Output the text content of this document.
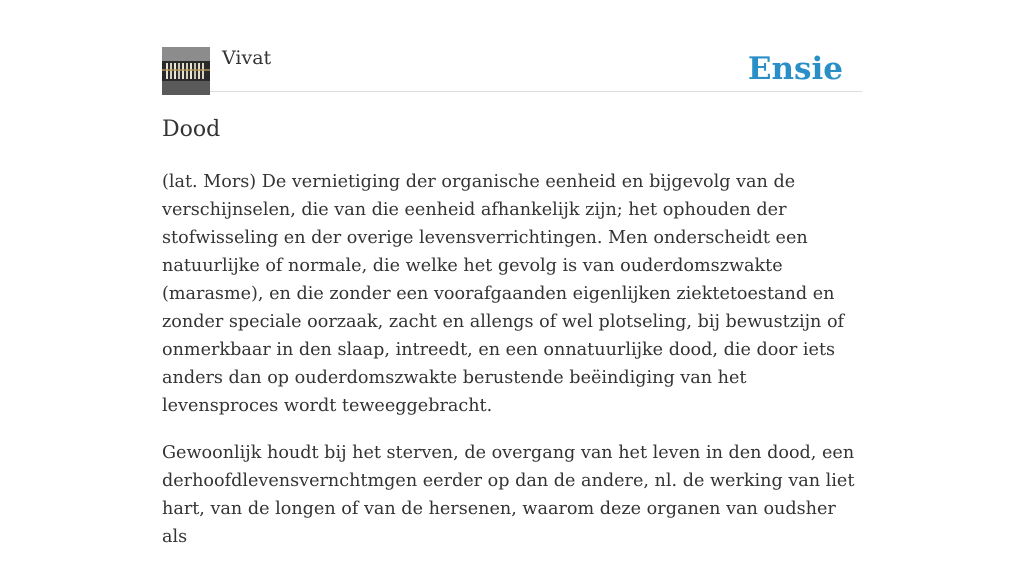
Vivat	Ensie
Dood

(lat. Mors) De vernietiging der organische eenheid en bijgevolg van de verschijnselen, die van die eenheid afhankelijk zijn; het ophouden der stofwisseling en der overige levensverrichtingen. Men onderscheidt een natuurlijke of normale, die welke het gevolg is van ouderdomszwakte (marasme), en die zonder een voorafgaanden eigenlijken ziektetoestand en zonder speciale oorzaak, zacht en allengs of wel plotseling, bij bewustzijn of onmerkbaar in den slaap, intreedt, en een onnatuurlijke dood, die door iets anders dan op ouderdomszwakte berustende beëindiging van het levensproces wordt teweeggebracht.

Gewoonlijk houdt bij het sterven, de overgang van het leven in den dood, een derhoofdlevensvernchtmgen eerder op dan de andere, nl. de werking van liet hart, van de longen of van de hersenen, waarom deze organen van oudsher als
